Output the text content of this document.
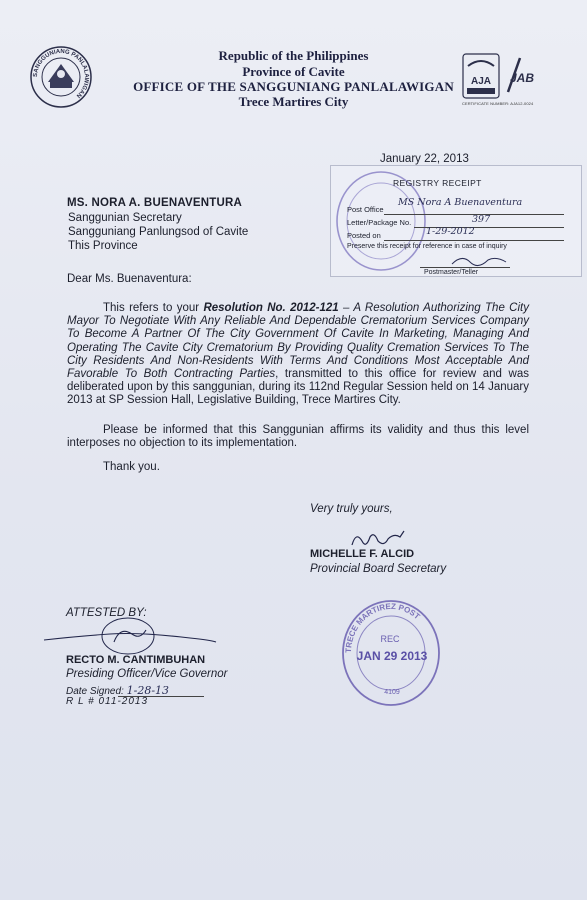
SANGGUNIANG PANLALAWIGAN
Republic of the Philippines
Province of Cavite
OFFICE OF THE SANGGUNIANG PANLALAWIGAN
Trece Martires City
AJA JAB
CERTIFICATE NUMBER: AJA12-0024
January 22, 2013
REGISTRY RECEIPT
Post Office
MS Nora A Buenaventura
Letter/Package No.	397
Posted on	1-29-2012
Preserve this receipt for reference in case of inquiry
Postmaster/Teller
MS. NORA A. BUENAVENTURA
Sanggunian Secretary
Sangguniang Panlungsod of Cavite
This Province
Dear Ms. Buenaventura:
This refers to your Resolution No. 2012-121 – A Resolution Authorizing The City Mayor To Negotiate With Any Reliable And Dependable Crematorium Services Company To Become A Partner Of The City Government Of Cavite In Marketing, Managing And Operating The Cavite City Crematorium By Providing Quality Cremation Services To The City Residents And Non-Residents With Terms And Conditions Most Acceptable And Favorable To Both Contracting Parties, transmitted to this office for review and was deliberated upon by this sanggunian, during its 112nd Regular Session held on 14 January 2013 at SP Session Hall, Legislative Building, Trece Martires City.
Please be informed that this Sanggunian affirms its validity and thus this level interposes no objection to its implementation.
Thank you.
Very truly yours,
MICHELLE F. ALCID
Provincial Board Secretary
ATTESTED BY:
RECTO M. CANTIMBUHAN
Presiding Officer/Vice Governor
Date Signed: 1-28-13
R L # 011-2013
TRECE MARTIREZ POST
REC
JAN 29 2013
4109
